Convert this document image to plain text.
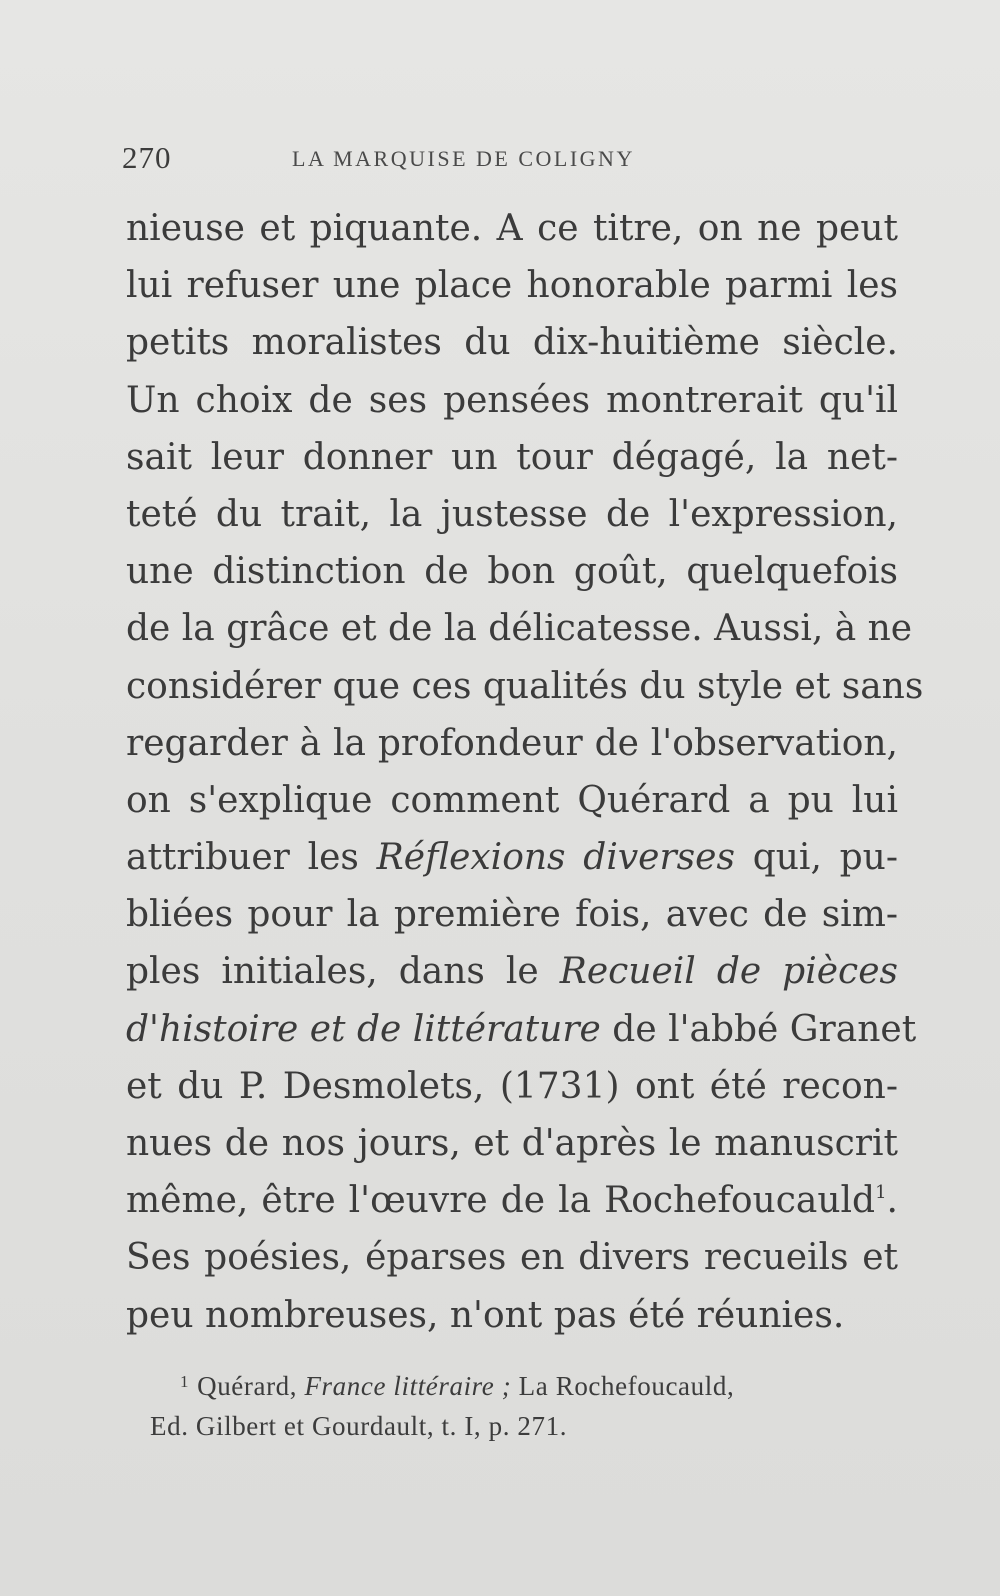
270	LA MARQUISE DE COLIGNY
nieuse et piquante. A ce titre, on ne peut
lui refuser une place honorable parmi les
petits moralistes du dix-huitième siècle.
Un choix de ses pensées montrerait qu'il
sait leur donner un tour dégagé, la net-
teté du trait, la justesse de l'expression,
une distinction de bon goût, quelquefois
de la grâce et de la délicatesse. Aussi, à ne
considérer que ces qualités du style et sans
regarder à la profondeur de l'observation,
on s'explique comment Quérard a pu lui
attribuer les Réflexions diverses qui, pu-
bliées pour la première fois, avec de sim-
ples initiales, dans le Recueil de pièces
d'histoire et de littérature de l'abbé Granet
et du P. Desmolets, (1731) ont été recon-
nues de nos jours, et d'après le manuscrit
même, être l'œuvre de la Rochefoucauld$^1$.
Ses poésies, éparses en divers recueils et
peu nombreuses, n'ont pas été réunies.
$^1$ Quérard, France littéraire ; La Rochefoucauld,
Ed. Gilbert et Gourdault, t. I, p. 271.
